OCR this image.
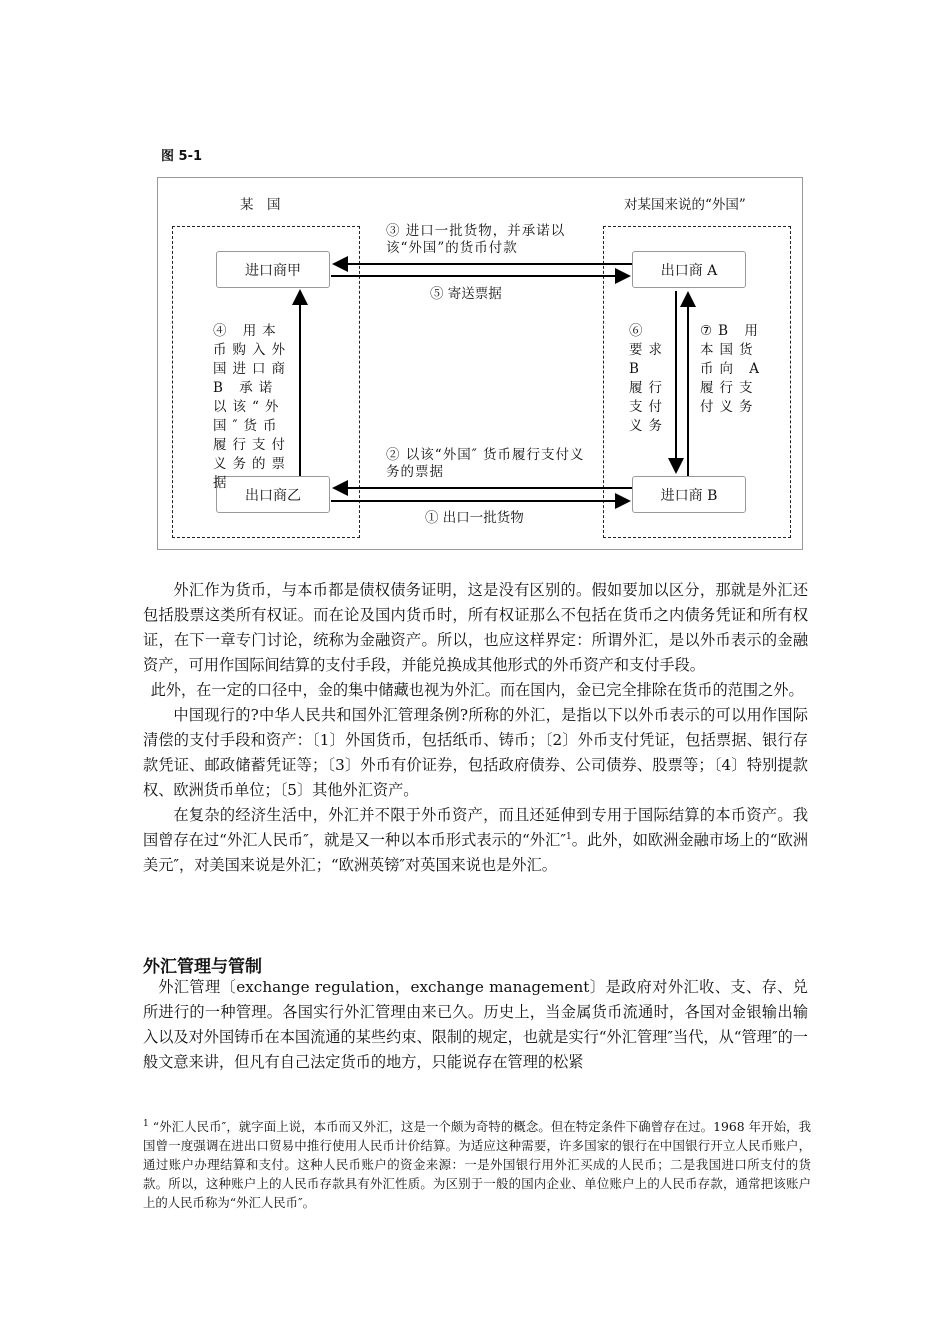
图 5-1
某　国	对某国来说的“外国”
进口商甲
出口商乙
出口商 A
进口商 B
③ 进口一批货物，并承诺以该“外国”的货币付款
⑤ 寄送票据
② 以该“外国″ 货币履行支付义务的票据
① 出口一批货物
④ 用本币购入外国进口商 B 承诺以该“外国″货币履行支付义务的票据
⑥ 要求 B 履行支付义务
⑦B 用本国货币向 A 履行支付义务

外汇作为货币，与本币都是债权债务证明，这是没有区别的。假如要加以区分，那就是外汇还包括股票这类所有权证。而在论及国内货币时，所有权证那么不包括在货币之内债务凭证和所有权证，在下一章专门讨论，统称为金融资产。所以，也应这样界定：所谓外汇，是以外币表示的金融资产，可用作国际间结算的支付手段，并能兑换成其他形式的外币资产和支付手段。

此外，在一定的口径中，金的集中储藏也视为外汇。而在国内，金已完全排除在货币的范围之外。

中国现行的?中华人民共和国外汇管理条例?所称的外汇，是指以下以外币表示的可以用作国际清偿的支付手段和资产：〔1〕外国货币，包括纸币、铸币；〔2〕外币支付凭证，包括票据、银行存款凭证、邮政储蓄凭证等；〔3〕外币有价证券，包括政府债券、公司债券、股票等；〔4〕特别提款权、欧洲货币单位；〔5〕其他外汇资产。

在复杂的经济生活中，外汇并不限于外币资产，而且还延伸到专用于国际结算的本币资产。我国曾存在过“外汇人民币″，就是又一种以本币形式表示的“外汇″$^1$。此外，如欧洲金融市场上的“欧洲美元″，对美国来说是外汇；“欧洲英镑″对英国来说也是外汇。

外汇管理与管制

外汇管理〔exchange regulation，exchange management〕是政府对外汇收、支、存、兑所进行的一种管理。各国实行外汇管理由来已久。历史上，当金属货币流通时，各国对金银输出输入以及对外国铸币在本国流通的某些约束、限制的规定，也就是实行“外汇管理″当代，从“管理″的一般文意来讲，但凡有自己法定货币的地方，只能说存在管理的松紧

$^1$ “外汇人民币″，就字面上说，本币而又外汇，这是一个颇为奇特的概念。但在特定条件下确曾存在过。1968 年开始，我国曾一度强调在进出口贸易中推行使用人民币计价结算。为适应这种需要，许多国家的银行在中国银行开立人民币账户，通过账户办理结算和支付。这种人民币账户的资金来源：一是外国银行用外汇买成的人民币；二是我国进口所支付的货款。所以，这种账户上的人民币存款具有外汇性质。为区别于一般的国内企业、单位账户上的人民币存款，通常把该账户上的人民币称为“外汇人民币″。
